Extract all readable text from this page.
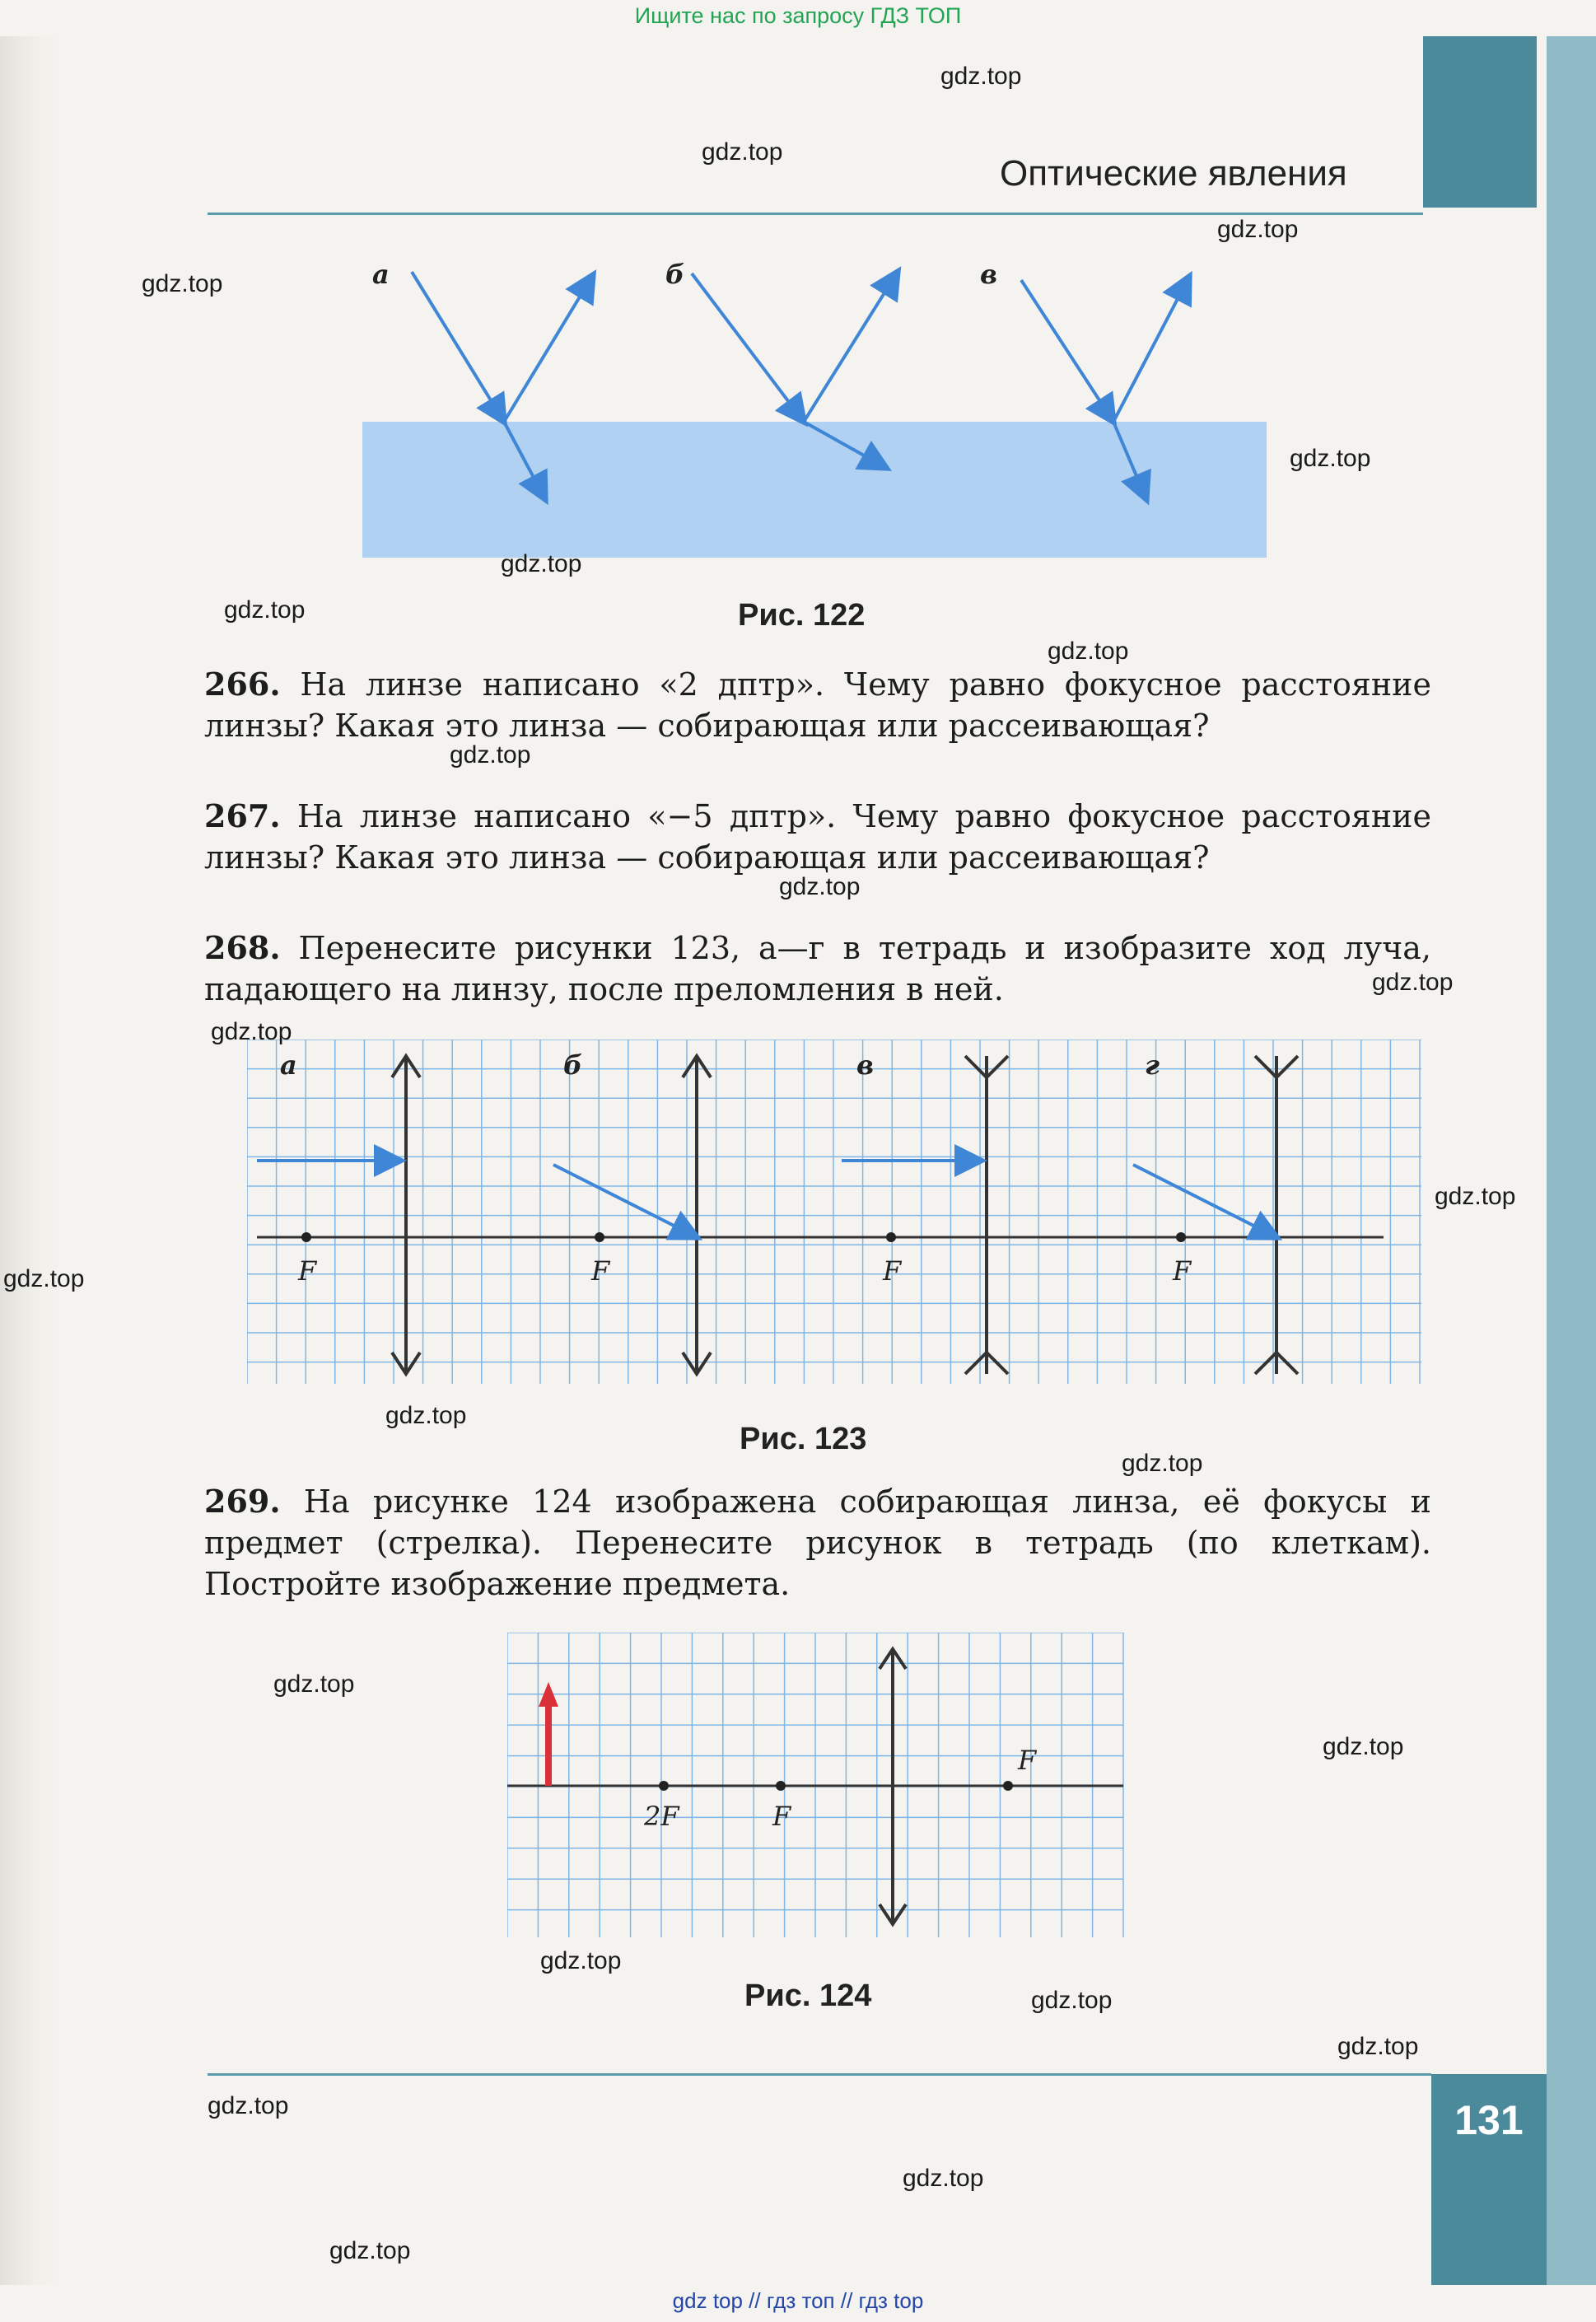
Ищите нас по запросу ГДЗ ТОП
Оптические явления
а	б	в
Рис. 122
266. На линзе написано «2 дптр». Чему равно фокусное расстояние линзы? Какая это линза — собирающая или рассеивающая?
267. На линзе написано «−5 дптр». Чему равно фокусное расстояние линзы? Какая это линза — собирающая или рассеивающая?
268. Перенесите рисунки 123, а—г в тетрадь и изобразите ход луча, падающего на линзу, после преломления в ней.
а	б	в	г
F	F	F	F
Рис. 123
269. На рисунке 124 изображена собирающая линза, её фокусы и предмет (стрелка). Перенесите рисунок в тетрадь (по клеткам). Постройте изображение предмета.
2F	F
F
Рис. 124
131
gdz.top
gdz.top
gdz.top
gdz.top
gdz.top
gdz.top
gdz.top
gdz.top
gdz.top
gdz.top
gdz.top
gdz.top
gdz.top
gdz.top
gdz.top
gdz.top
gdz.top
gdz.top
gdz.top
gdz.top
gdz.top
gdz.top
gdz.top
gdz.top
gdz top // гдз топ // гдз top
